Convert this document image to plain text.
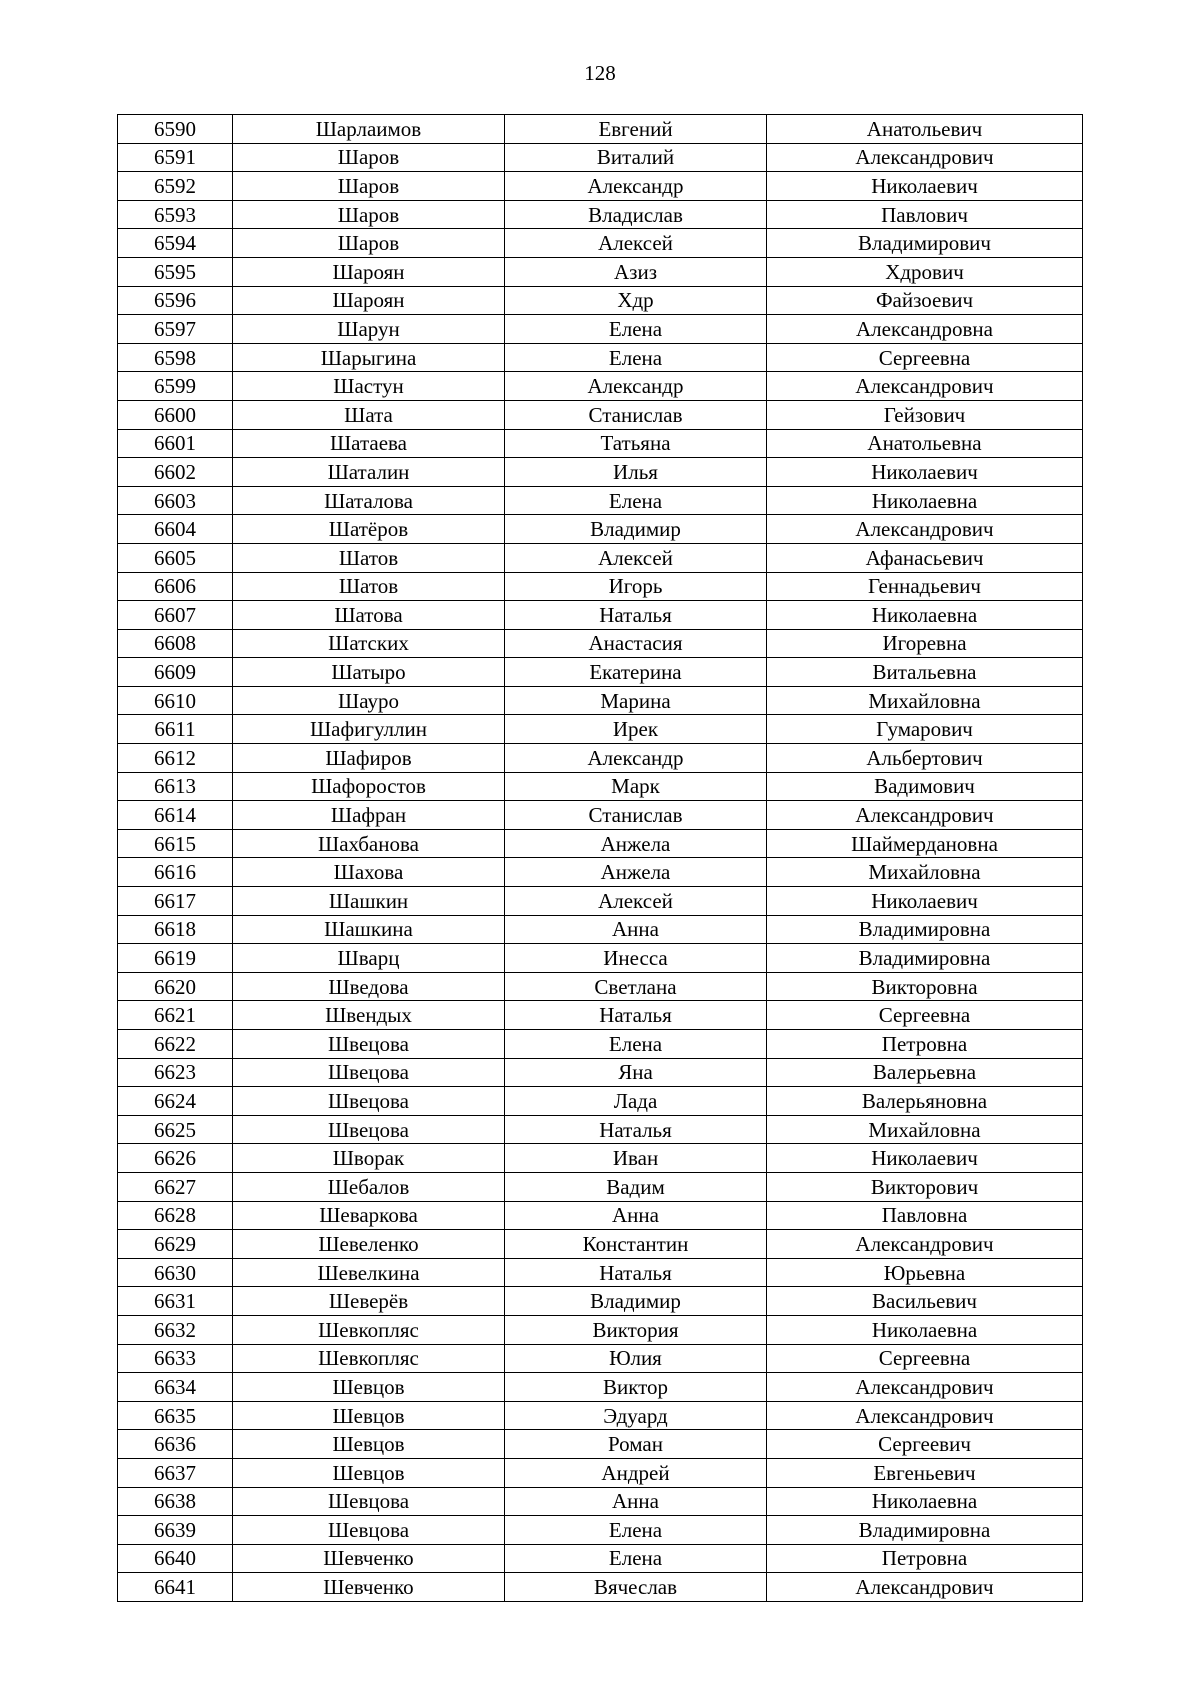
128
6590	Шарлаимов	Евгений	Анатольевич
6591	Шаров	Виталий	Александрович
6592	Шаров	Александр	Николаевич
6593	Шаров	Владислав	Павлович
6594	Шаров	Алексей	Владимирович
6595	Шароян	Азиз	Хдрович
6596	Шароян	Хдр	Файзоевич
6597	Шарун	Елена	Александровна
6598	Шарыгина	Елена	Сергеевна
6599	Шастун	Александр	Александрович
6600	Шата	Станислав	Гейзович
6601	Шатаева	Татьяна	Анатольевна
6602	Шаталин	Илья	Николаевич
6603	Шаталова	Елена	Николаевна
6604	Шатёров	Владимир	Александрович
6605	Шатов	Алексей	Афанасьевич
6606	Шатов	Игорь	Геннадьевич
6607	Шатова	Наталья	Николаевна
6608	Шатских	Анастасия	Игоревна
6609	Шатыро	Екатерина	Витальевна
6610	Шауро	Марина	Михайловна
6611	Шафигуллин	Ирек	Гумарович
6612	Шафиров	Александр	Альбертович
6613	Шафоростов	Марк	Вадимович
6614	Шафран	Станислав	Александрович
6615	Шахбанова	Анжела	Шаймердановна
6616	Шахова	Анжела	Михайловна
6617	Шашкин	Алексей	Николаевич
6618	Шашкина	Анна	Владимировна
6619	Шварц	Инесса	Владимировна
6620	Шведова	Светлана	Викторовна
6621	Швендых	Наталья	Сергеевна
6622	Швецова	Елена	Петровна
6623	Швецова	Яна	Валерьевна
6624	Швецова	Лада	Валерьяновна
6625	Швецова	Наталья	Михайловна
6626	Шворак	Иван	Николаевич
6627	Шебалов	Вадим	Викторович
6628	Шеваркова	Анна	Павловна
6629	Шевеленко	Константин	Александрович
6630	Шевелкина	Наталья	Юрьевна
6631	Шеверёв	Владимир	Васильевич
6632	Шевкопляс	Виктория	Николаевна
6633	Шевкопляс	Юлия	Сергеевна
6634	Шевцов	Виктор	Александрович
6635	Шевцов	Эдуард	Александрович
6636	Шевцов	Роман	Сергеевич
6637	Шевцов	Андрей	Евгеньевич
6638	Шевцова	Анна	Николаевна
6639	Шевцова	Елена	Владимировна
6640	Шевченко	Елена	Петровна
6641	Шевченко	Вячеслав	Александрович
